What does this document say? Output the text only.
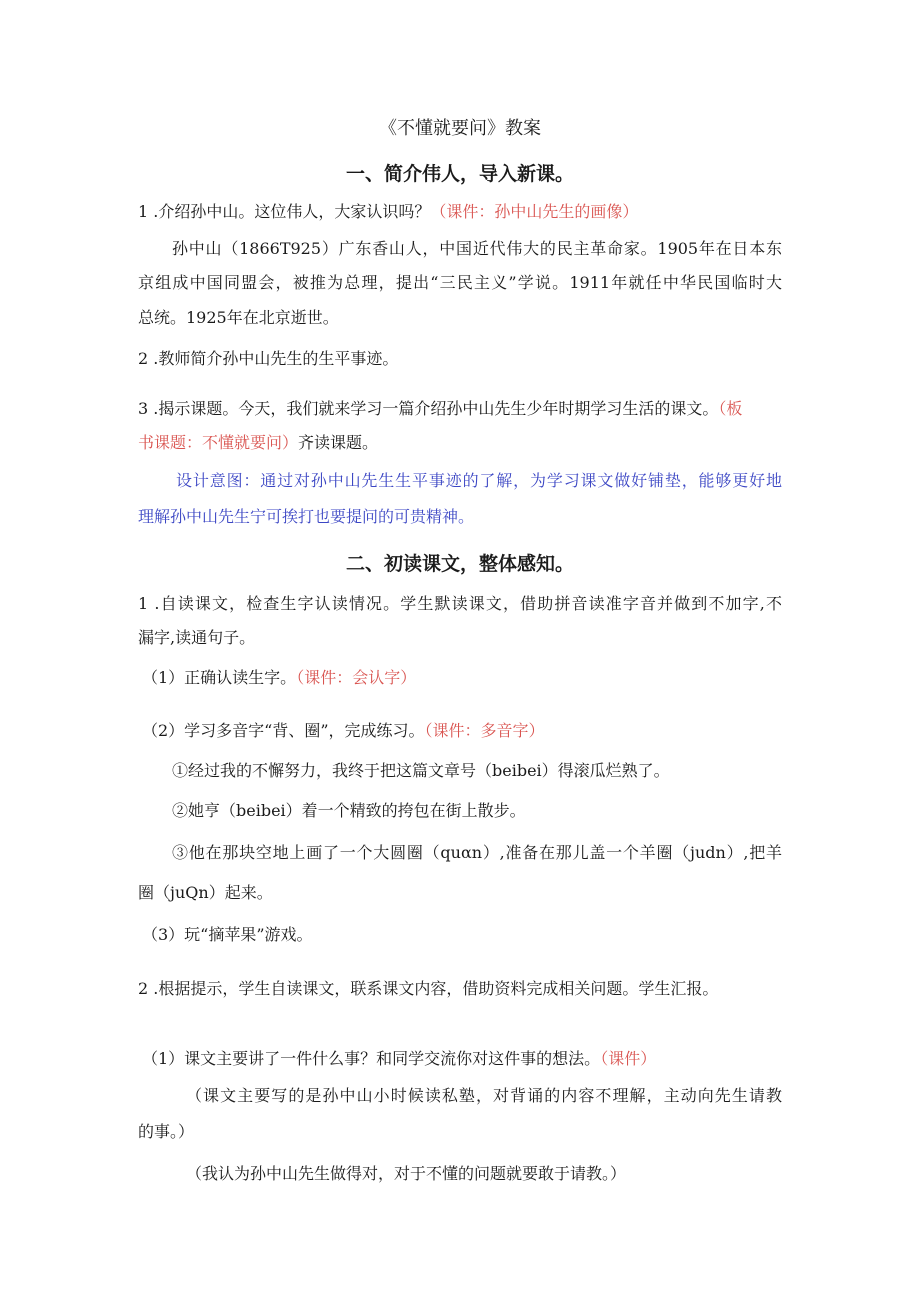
《不懂就要问》教案
一、简介伟人，导入新课。
1 .介绍孙中山。这位伟人，大家认识吗？（课件：孙中山先生的画像）
孙中山（1866T925）广东香山人，中国近代伟大的民主革命家。1905年在日本东
京组成中国同盟会，被推为总理，提出“三民主义”学说。1911年就任中华民国临时大
总统。1925年在北京逝世。
2 .教师简介孙中山先生的生平事迹。
3 .揭示课题。今天，我们就来学习一篇介绍孙中山先生少年时期学习生活的课文。（板
书课题：不懂就要问）齐读课题。
设计意图：通过对孙中山先生生平事迹的了解，为学习课文做好铺垫，能够更好地
理解孙中山先生宁可挨打也要提问的可贵精神。
二、初读课文，整体感知。
1 .自读课文，检查生字认读情况。学生默读课文，借助拼音读准字音并做到不加字,不
漏字,读通句子。
（1）正确认读生字。（课件：会认字）
（2）学习多音字“背、圈”，完成练习。（课件：多音字）
①经过我的不懈努力，我终于把这篇文章号（beibei）得滚瓜烂熟了。
②她亨（beibei）着一个精致的挎包在街上散步。
③他在那块空地上画了一个大圆圈（quαn）,准备在那儿盖一个羊圈（judn）,把羊
圈（juQn）起来。
（3）玩“摘苹果”游戏。
2 .根据提示，学生自读课文，联系课文内容，借助资料完成相关问题。学生汇报。
（1）课文主要讲了一件什么事？和同学交流你对这件事的想法。（课件）
（课文主要写的是孙中山小时候读私塾，对背诵的内容不理解，主动向先生请教
的事。）
（我认为孙中山先生做得对，对于不懂的问题就要敢于请教。）
